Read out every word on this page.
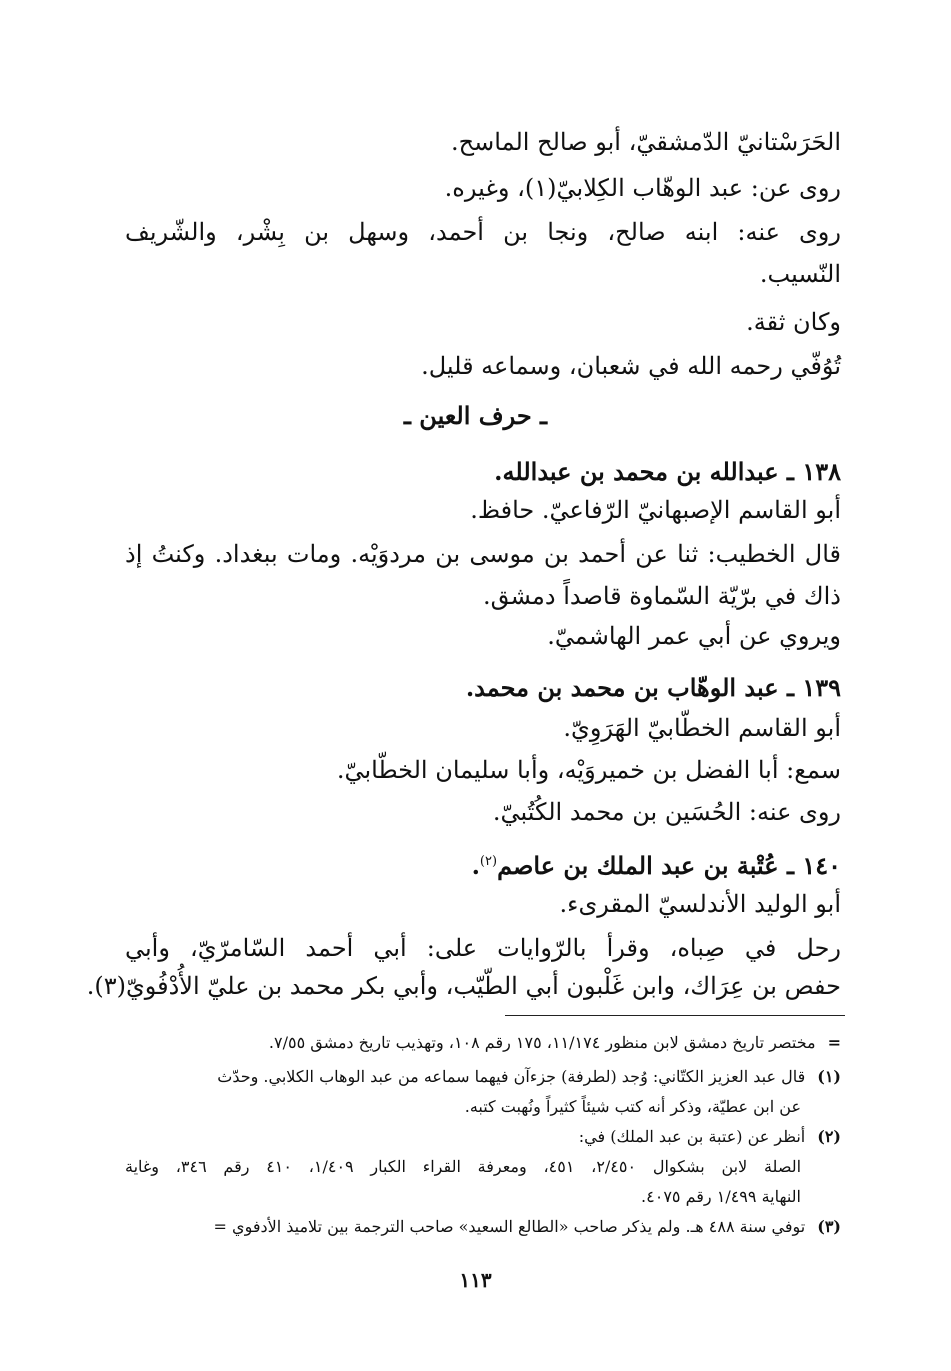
الحَرَسْتانيّ الدّمشقيّ، أبو صالح الماسح.
روى عن: عبد الوهّاب الكِلابيّ(١)، وغيره.
روى عنه: ابنه صالح، ونجا بن أحمد، وسهل بن بِشْر، والشّريف
النّسيب.
وكان ثقة.
تُوُفّي رحمه الله في شعبان، وسماعه قليل.
ـ حرف العين ـ
١٣٨ ـ عبدالله بن محمد بن عبدالله.
أبو القاسم الإصبهانيّ الرّفاعيّ. حافظ.
قال الخطيب: ثنا عن أحمد بن موسى بن مردوَيْه. ومات ببغداد. وكنتُ إذ
ذاك في برّيّة السّماوة قاصداً دمشق.
ويروي عن أبي عمر الهاشميّ.
١٣٩ ـ عبد الوهّاب بن محمد بن محمد.
أبو القاسم الخطّابيّ الهَرَوِيّ.
سمع: أبا الفضل بن خميروَيْه، وأبا سليمان الخطّابيّ.
روى عنه: الحُسَين بن محمد الكُتُبيّ.
١٤٠ ـ عُتْبة بن عبد الملك بن عاصم$^{(٢)}$.
أبو الوليد الأندلسيّ المقرىء.
رحل في صِباه، وقرأ بالرّوايات على: أبي أحمد السّامرّيّ، وأبي
حفص بن عِرَاك، وابن غَلْبون أبي الطّيّب، وأبي بكر محمد بن عليّ الأُدْفُويّ(٣).
=مختصر تاريخ دمشق لابن منظور ١١/١٧٤، ١٧٥ رقم ١٠٨، وتهذيب تاريخ دمشق ٧/٥٥.
(١)قال عبد العزيز الكتّاني: وُجد (لطرفة) جزءآن فيهما سماعه من عبد الوهاب الكلابي. وحدّث
عن ابن عطيّة، وذكر أنه كتب شيئاً كثيراً ونُهبت كتبه.
(٢)أنظر عن (عتبة بن عبد الملك) في:
الصلة لابن بشكوال ٢/٤٥٠، ٤٥١، ومعرفة القراء الكبار ١/٤٠٩، ٤١٠ رقم ٣٤٦، وغاية
النهاية ١/٤٩٩ رقم ٤٠٧٥.
(٣)توفي سنة ٤٨٨ هـ. ولم يذكر صاحب «الطالع السعيد» صاحب الترجمة بين تلاميذ الأدفوي =
١١٣
